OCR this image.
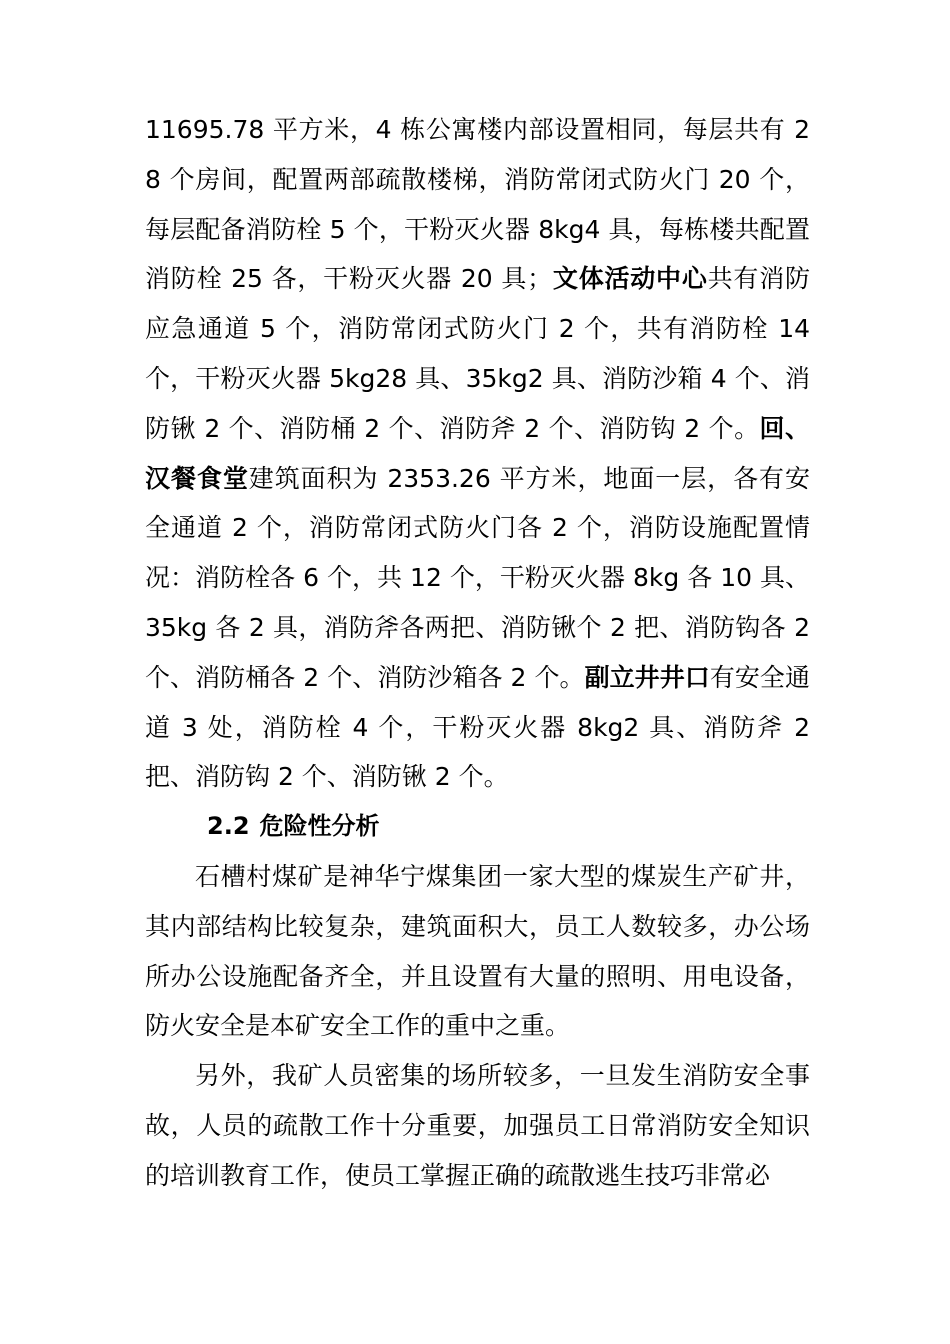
11695.78 平方米，4 栋公寓楼内部设置相同，每层共有 28 个房间，配置两部疏散楼梯，消防常闭式防火门 20 个，每层配备消防栓 5 个，干粉灭火器 8kg4 具，每栋楼共配置消防栓 25 各，干粉灭火器 20 具；文体活动中心共有消防应急通道 5 个，消防常闭式防火门 2 个，共有消防栓 14 个，干粉灭火器 5kg28 具、35kg2 具、消防沙箱 4 个、消防锹 2 个、消防桶 2 个、消防斧 2 个、消防钩 2 个。回、汉餐食堂建筑面积为 2353.26 平方米，地面一层，各有安全通道 2 个，消防常闭式防火门各 2 个，消防设施配置情况：消防栓各 6 个，共 12 个，干粉灭火器 8kg 各 10 具、35kg 各 2 具，消防斧各两把、消防锹个 2 把、消防钩各 2 个、消防桶各 2 个、消防沙箱各 2 个。副立井井口有安全通道 3 处，消防栓 4 个，干粉灭火器 8kg2 具、消防斧 2 把、消防钩 2 个、消防锹 2 个。

2.2 危险性分析

石槽村煤矿是神华宁煤集团一家大型的煤炭生产矿井，其内部结构比较复杂，建筑面积大，员工人数较多，办公场所办公设施配备齐全，并且设置有大量的照明、用电设备，防火安全是本矿安全工作的重中之重。

另外，我矿人员密集的场所较多，一旦发生消防安全事故，人员的疏散工作十分重要，加强员工日常消防安全知识的培训教育工作，使员工掌握正确的疏散逃生技巧非常必
